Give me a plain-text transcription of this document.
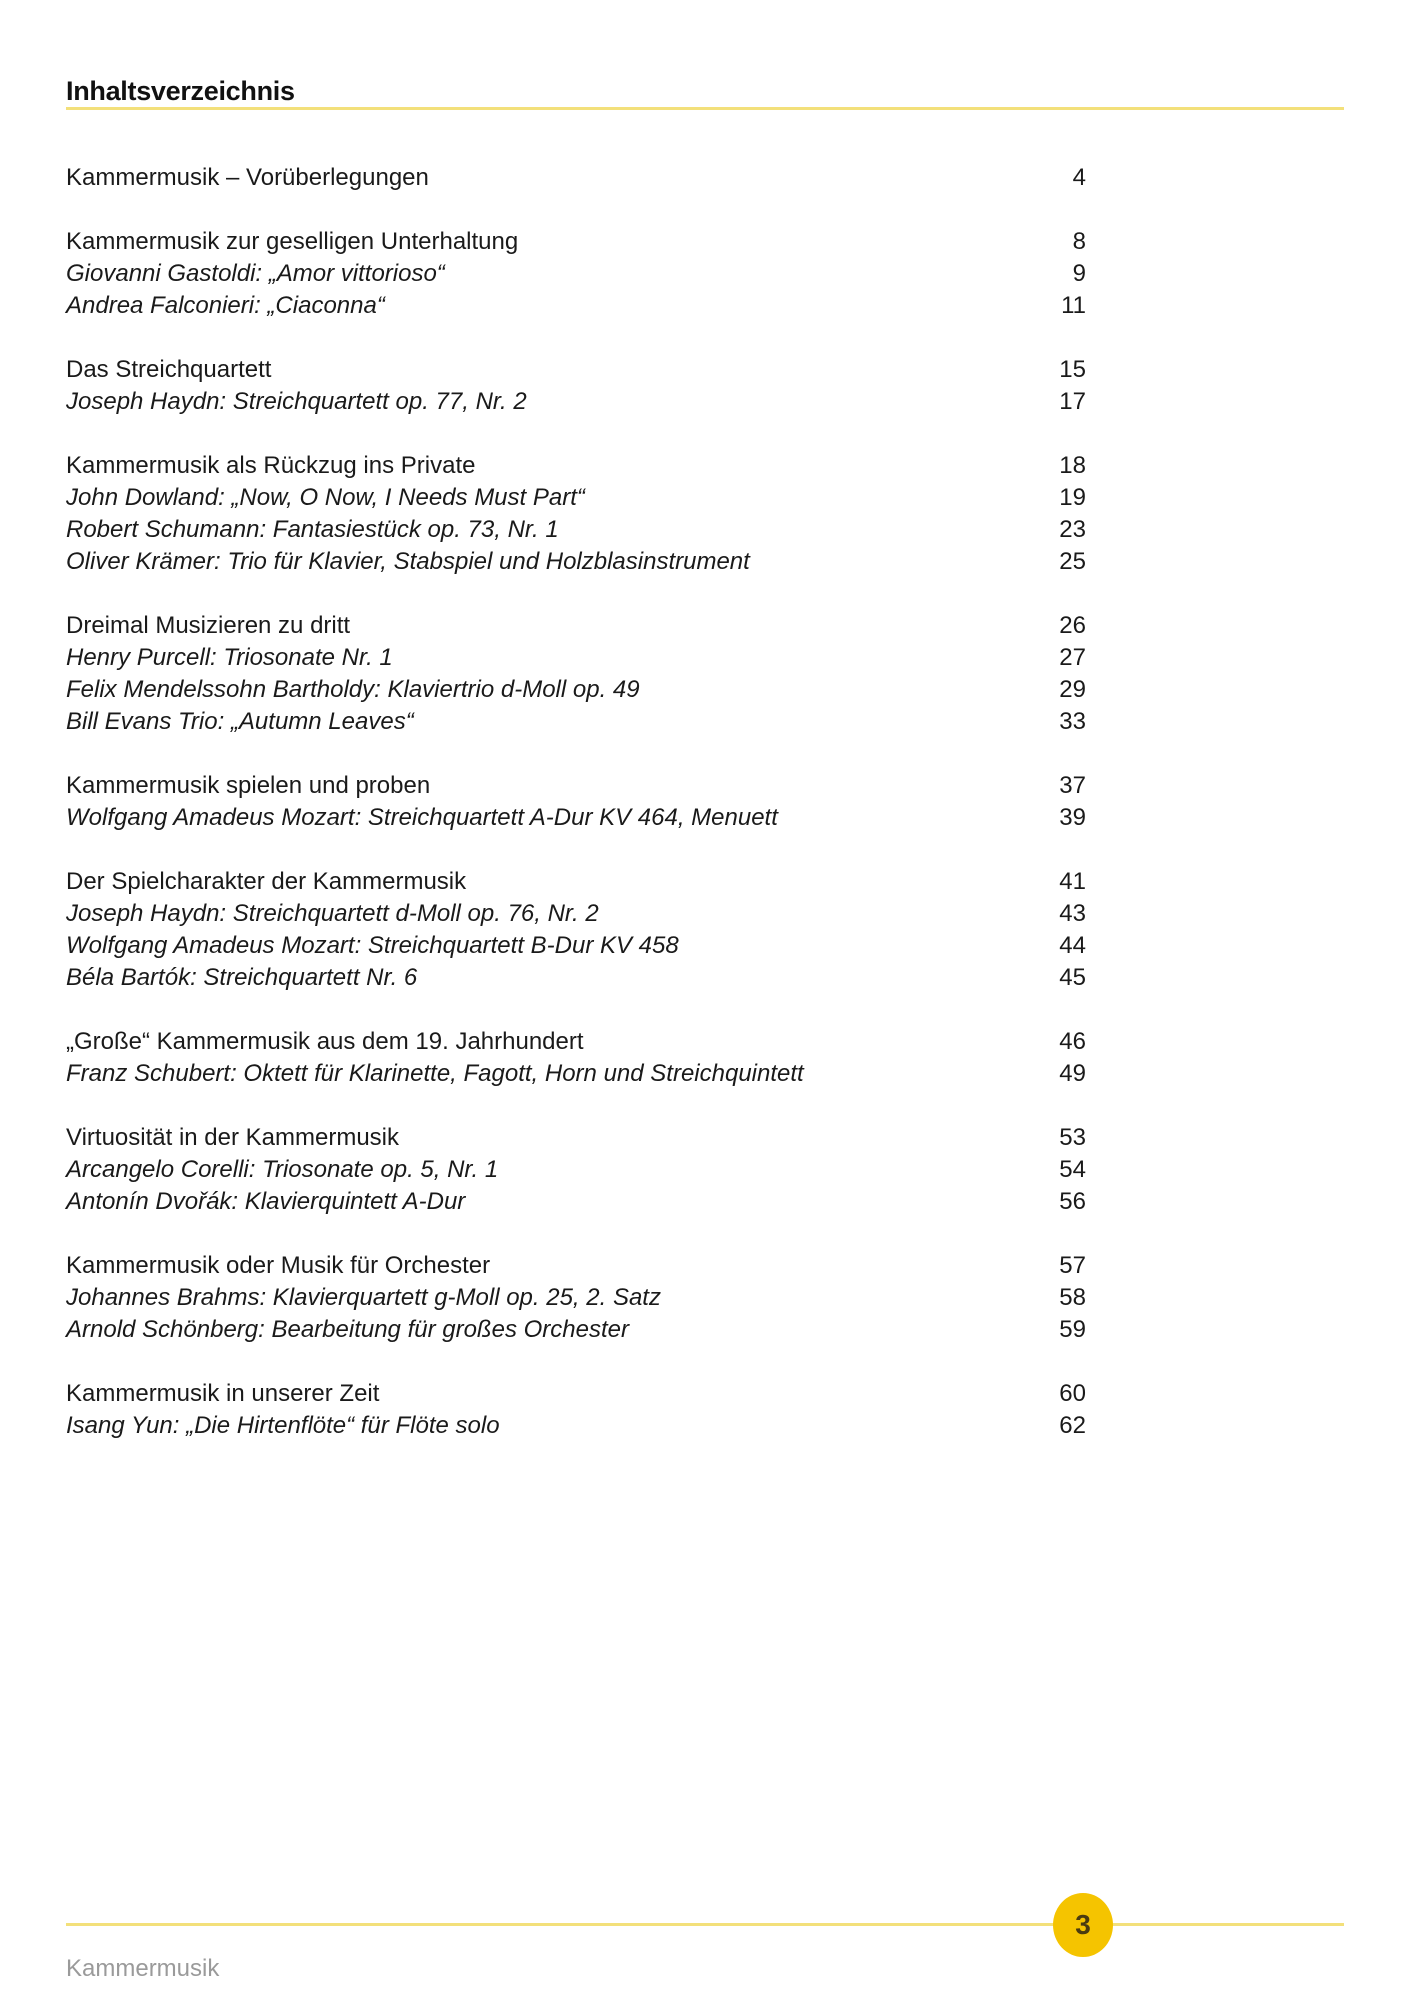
Inhaltsverzeichnis
Kammermusik – Vorüberlegungen	4
Kammermusik zur geselligen Unterhaltung	8
Giovanni Gastoldi: „Amor vittorioso“	9
Andrea Falconieri: „Ciaconna“	11
Das Streichquartett	15
Joseph Haydn: Streichquartett op. 77, Nr. 2	17
Kammermusik als Rückzug ins Private	18
John Dowland: „Now, O Now, I Needs Must Part“	19
Robert Schumann: Fantasiestück op. 73, Nr. 1	23
Oliver Krämer: Trio für Klavier, Stabspiel und Holzblasinstrument	25
Dreimal Musizieren zu dritt	26
Henry Purcell: Triosonate Nr. 1	27
Felix Mendelssohn Bartholdy: Klaviertrio d-Moll op. 49	29
Bill Evans Trio: „Autumn Leaves“	33
Kammermusik spielen und proben	37
Wolfgang Amadeus Mozart: Streichquartett A-Dur KV 464, Menuett	39
Der Spielcharakter der Kammermusik	41
Joseph Haydn: Streichquartett d-Moll op. 76, Nr. 2	43
Wolfgang Amadeus Mozart: Streichquartett B-Dur KV 458	44
Béla Bartók: Streichquartett Nr. 6	45
„Große“ Kammermusik aus dem 19. Jahrhundert	46
Franz Schubert: Oktett für Klarinette, Fagott, Horn und Streichquintett	49
Virtuosität in der Kammermusik	53
Arcangelo Corelli: Triosonate op. 5, Nr. 1	54
Antonín Dvořák: Klavierquintett A-Dur	56
Kammermusik oder Musik für Orchester	57
Johannes Brahms: Klavierquartett g-Moll op. 25, 2. Satz	58
Arnold Schönberg: Bearbeitung für großes Orchester	59
Kammermusik in unserer Zeit	60
Isang Yun: „Die Hirtenflöte“ für Flöte solo	62
3
Kammermusik
